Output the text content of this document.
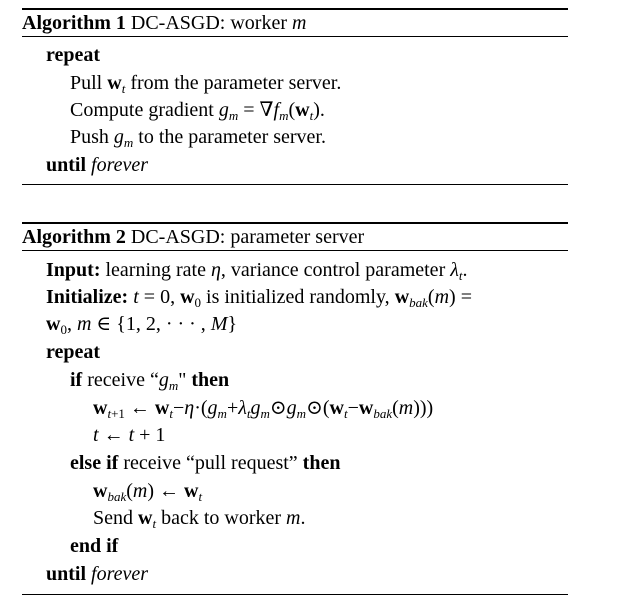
Algorithm 1 DC-ASGD: worker m
repeat
Pull $w_t$ from the parameter server.
Compute gradient $g_m = \nabla f_m(w_t)$.
Push $g_m$ to the parameter server.
until forever
Algorithm 2 DC-ASGD: parameter server
Input: learning rate η, variance control parameter $\lambda_t$.
Initialize: t = 0, $w_0$ is initialized randomly, $w_{bak}(m)$ =
$w_0$, m ∈ {1, 2, · · · , M}
repeat
if receive “$g_m$" then
$w_{t+1}$ ← $w_t-\eta\cdot(g_m+\lambda_tg_m⊙g_m⊙(w_t-w_{bak}(m)))$
t ← t + 1
else if receive “pull request” then
$w_{bak}(m)$ ← $w_t$
Send $w_t$ back to worker m.
end if
until forever
